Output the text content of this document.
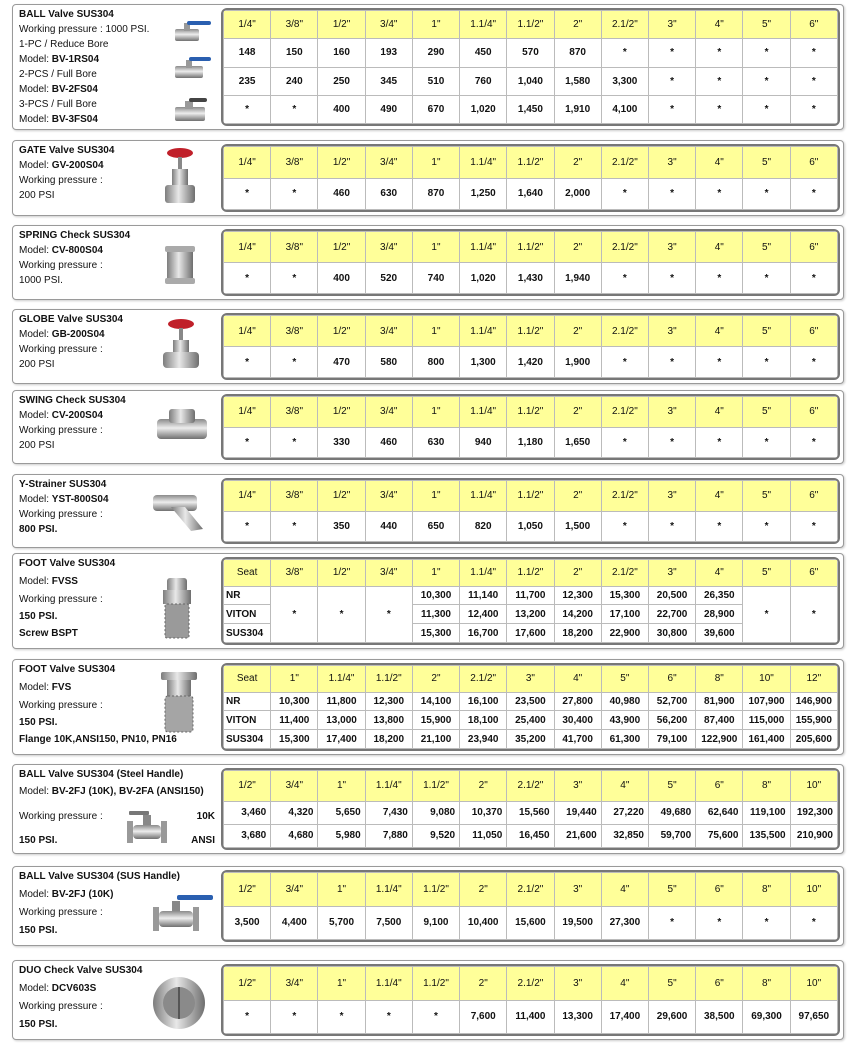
BALL Valve SUS304
Working pressure : 1000 PSI.
1-PC / Reduce Bore
Model: BV-1RS04
2-PCS / Full Bore
Model: BV-2FS04
3-PCS / Full Bore
Model: BV-3FS04
1/4"	3/8"	1/2"	3/4"	1"	1.1/4"	1.1/2"	2"	2.1/2"	3"	4"	5"	6"
148	150	160	193	290	450	570	870	*	*	*	*	*
235	240	250	345	510	760	1,040	1,580	3,300	*	*	*	*
*	*	400	490	670	1,020	1,450	1,910	4,100	*	*	*	*
GATE Valve SUS304
Model: GV-200S04
Working pressure :
200 PSI
1/4"	3/8"	1/2"	3/4"	1"	1.1/4"	1.1/2"	2"	2.1/2"	3"	4"	5"	6"
*	*	460	630	870	1,250	1,640	2,000	*	*	*	*	*
SPRING Check SUS304
Model: CV-800S04
Working pressure :
1000 PSI.
1/4"	3/8"	1/2"	3/4"	1"	1.1/4"	1.1/2"	2"	2.1/2"	3"	4"	5"	6"
*	*	400	520	740	1,020	1,430	1,940	*	*	*	*	*
GLOBE Valve SUS304
Model: GB-200S04
Working pressure :
200 PSI
1/4"	3/8"	1/2"	3/4"	1"	1.1/4"	1.1/2"	2"	2.1/2"	3"	4"	5"	6"
*	*	470	580	800	1,300	1,420	1,900	*	*	*	*	*
SWING Check SUS304
Model: CV-200S04
Working pressure :
200 PSI
1/4"	3/8"	1/2"	3/4"	1"	1.1/4"	1.1/2"	2"	2.1/2"	3"	4"	5"	6"
*	*	330	460	630	940	1,180	1,650	*	*	*	*	*
Y-Strainer SUS304
Model: YST-800S04
Working pressure :
800 PSI.
1/4"	3/8"	1/2"	3/4"	1"	1.1/4"	1.1/2"	2"	2.1/2"	3"	4"	5"	6"
*	*	350	440	650	820	1,050	1,500	*	*	*	*	*
FOOT Valve SUS304
Model: FVSS
Working pressure :
150 PSI.
Screw BSPT
Seat	3/8"	1/2"	3/4"	1"	1.1/4"	1.1/2"	2"	2.1/2"	3"	4"	5"	6"
NR	*	*	*	10,300	11,140	11,700	12,300	15,300	20,500	26,350	*	*
VITON				11,300	12,400	13,200	14,200	17,100	22,700	28,900		
SUS304				15,300	16,700	17,600	18,200	22,900	30,800	39,600		
FOOT Valve SUS304
Model: FVS
Working pressure :
150 PSI.
Flange 10K,ANSI150, PN10, PN16
Seat	1"	1.1/4"	1.1/2"	2"	2.1/2"	3"	4"	5"	6"	8"	10"	12"
NR	10,300	11,800	12,300	14,100	16,100	23,500	27,800	40,980	52,700	81,900	107,900	146,900
VITON	11,400	13,000	13,800	15,900	18,100	25,400	30,400	43,900	56,200	87,400	115,000	155,900
SUS304	15,300	17,400	18,200	21,100	23,940	35,200	41,700	61,300	79,100	122,900	161,400	205,600
BALL Valve SUS304 (Steel Handle)
Model: BV-2FJ (10K), BV-2FA (ANSI150)
Working pressure :	10K
150 PSI.	ANSI
1/2"	3/4"	1"	1.1/4"	1.1/2"	2"	2.1/2"	3"	4"	5"	6"	8"	10"
3,460	4,320	5,650	7,430	9,080	10,370	15,560	19,440	27,220	49,680	62,640	119,100	192,300
3,680	4,680	5,980	7,880	9,520	11,050	16,450	21,600	32,850	59,700	75,600	135,500	210,900
BALL Valve SUS304 (SUS Handle)
Model: BV-2FJ (10K)
Working pressure :
150 PSI.
1/2"	3/4"	1"	1.1/4"	1.1/2"	2"	2.1/2"	3"	4"	5"	6"	8"	10"
3,500	4,400	5,700	7,500	9,100	10,400	15,600	19,500	27,300	*	*	*	*
DUO Check Valve SUS304
Model: DCV603S
Working pressure :
150 PSI.
1/2"	3/4"	1"	1.1/4"	1.1/2"	2"	2.1/2"	3"	4"	5"	6"	8"	10"
*	*	*	*	*	7,600	11,400	13,300	17,400	29,600	38,500	69,300	97,650
